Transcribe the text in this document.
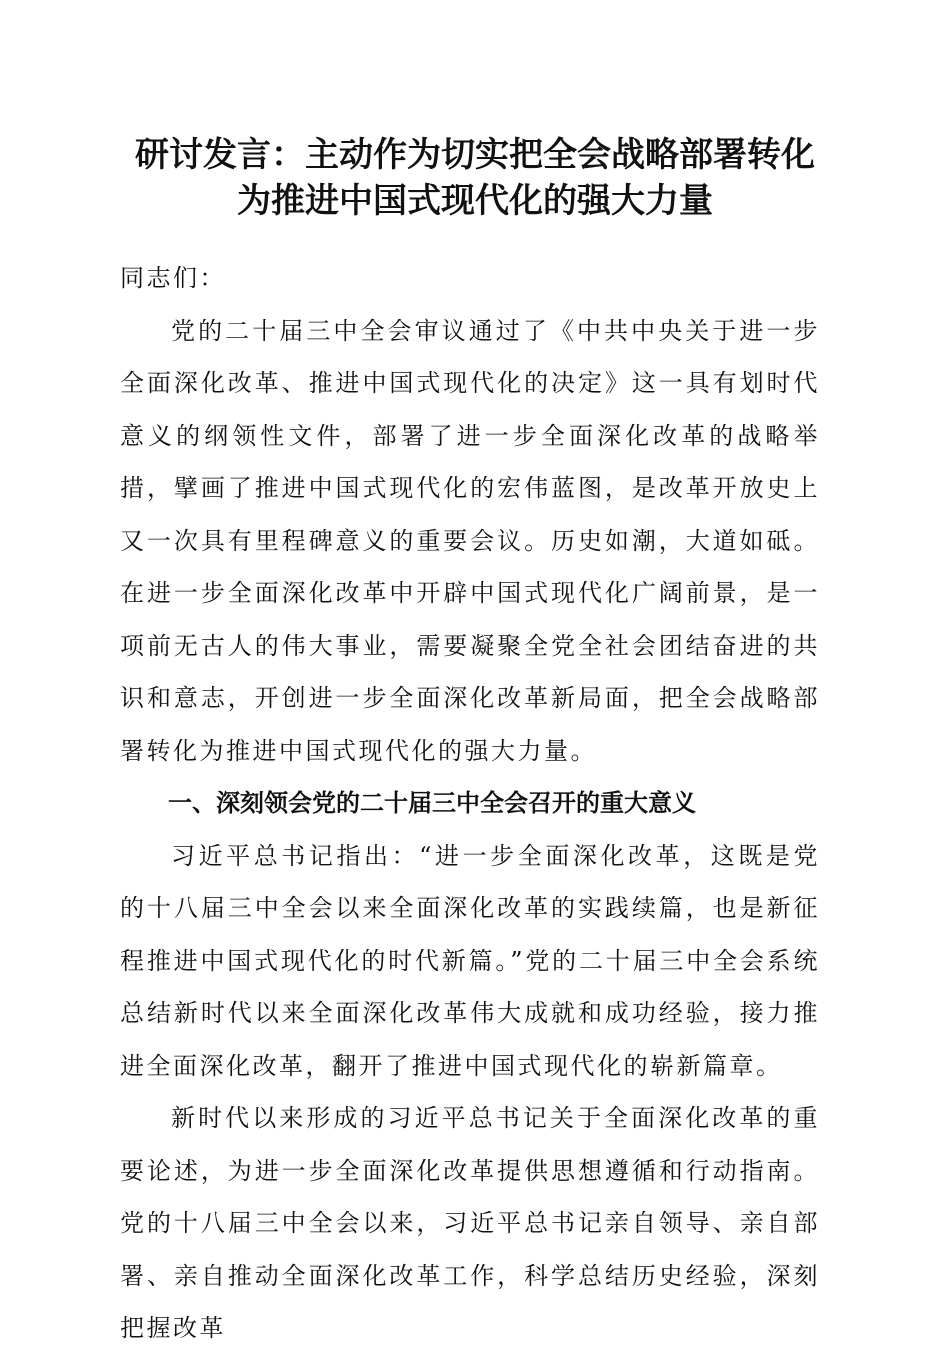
研讨发言：主动作为切实把全会战略部署转化
为推进中国式现代化的强大力量

同志们：

党的二十届三中全会审议通过了《中共中央关于进一步全面深化改革、推进中国式现代化的决定》这一具有划时代意义的纲领性文件，部署了进一步全面深化改革的战略举措，擘画了推进中国式现代化的宏伟蓝图，是改革开放史上又一次具有里程碑意义的重要会议。历史如潮，大道如砥。在进一步全面深化改革中开辟中国式现代化广阔前景，是一项前无古人的伟大事业，需要凝聚全党全社会团结奋进的共识和意志，开创进一步全面深化改革新局面，把全会战略部署转化为推进中国式现代化的强大力量。

一、深刻领会党的二十届三中全会召开的重大意义

习近平总书记指出：“进一步全面深化改革，这既是党的十八届三中全会以来全面深化改革的实践续篇，也是新征程推进中国式现代化的时代新篇。”党的二十届三中全会系统总结新时代以来全面深化改革伟大成就和成功经验，接力推进全面深化改革，翻开了推进中国式现代化的崭新篇章。

新时代以来形成的习近平总书记关于全面深化改革的重要论述，为进一步全面深化改革提供思想遵循和行动指南。党的十八届三中全会以来，习近平总书记亲自领导、亲自部署、亲自推动全面深化改革工作，科学总结历史经验，深刻把握改革
